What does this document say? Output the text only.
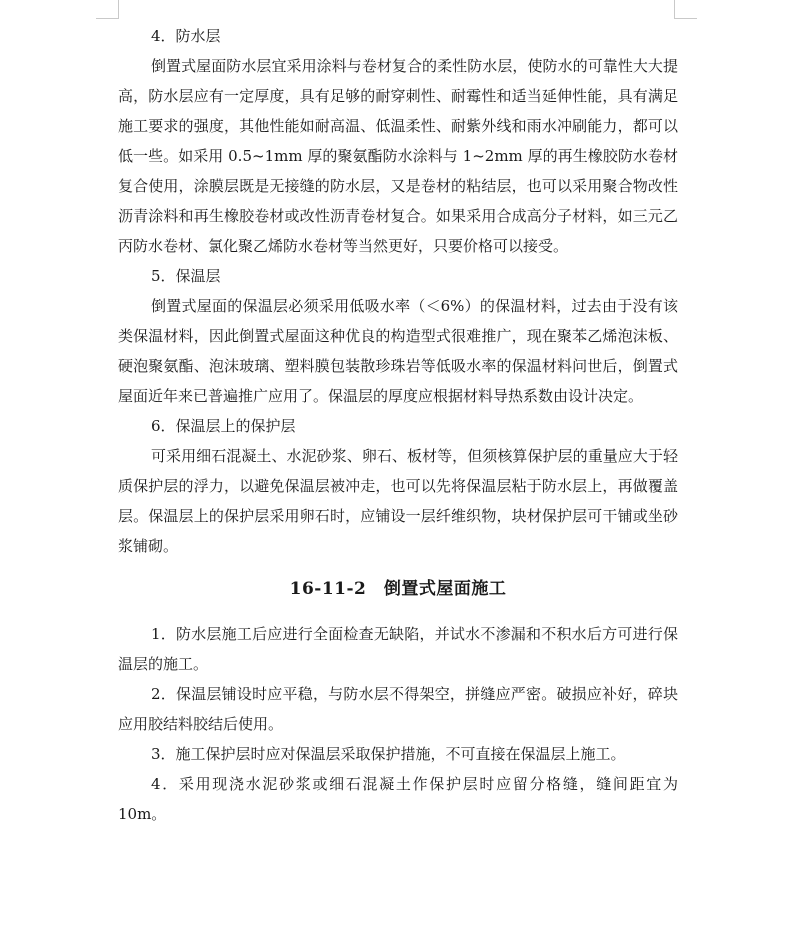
4．防水层

倒置式屋面防水层宜采用涂料与卷材复合的柔性防水层，使防水的可靠性大大提高，防水层应有一定厚度，具有足够的耐穿刺性、耐霉性和适当延伸性能，具有满足施工要求的强度，其他性能如耐高温、低温柔性、耐紫外线和雨水冲刷能力，都可以低一些。如采用 0.5~1mm 厚的聚氨酯防水涂料与 1~2mm 厚的再生橡胶防水卷材复合使用，涂膜层既是无接缝的防水层，又是卷材的粘结层，也可以采用聚合物改性沥青涂料和再生橡胶卷材或改性沥青卷材复合。如果采用合成高分子材料，如三元乙丙防水卷材、氯化聚乙烯防水卷材等当然更好，只要价格可以接受。

5．保温层

倒置式屋面的保温层必须采用低吸水率（＜6%）的保温材料，过去由于没有该类保温材料，因此倒置式屋面这种优良的构造型式很难推广，现在聚苯乙烯泡沫板、硬泡聚氨酯、泡沫玻璃、塑料膜包装散珍珠岩等低吸水率的保温材料问世后，倒置式屋面近年来已普遍推广应用了。保温层的厚度应根据材料导热系数由设计决定。

6．保温层上的保护层

可采用细石混凝土、水泥砂浆、卵石、板材等，但须核算保护层的重量应大于轻质保护层的浮力，以避免保温层被冲走，也可以先将保温层粘于防水层上，再做覆盖层。保温层上的保护层采用卵石时，应铺设一层纤维织物，块材保护层可干铺或坐砂浆铺砌。

16-11-2　倒置式屋面施工

1．防水层施工后应进行全面检查无缺陷，并试水不渗漏和不积水后方可进行保温层的施工。

2．保温层铺设时应平稳，与防水层不得架空，拼缝应严密。破损应补好，碎块应用胶结料胶结后使用。

3．施工保护层时应对保温层采取保护措施，不可直接在保温层上施工。

4．采用现浇水泥砂浆或细石混凝土作保护层时应留分格缝，缝间距宜为 10m。
